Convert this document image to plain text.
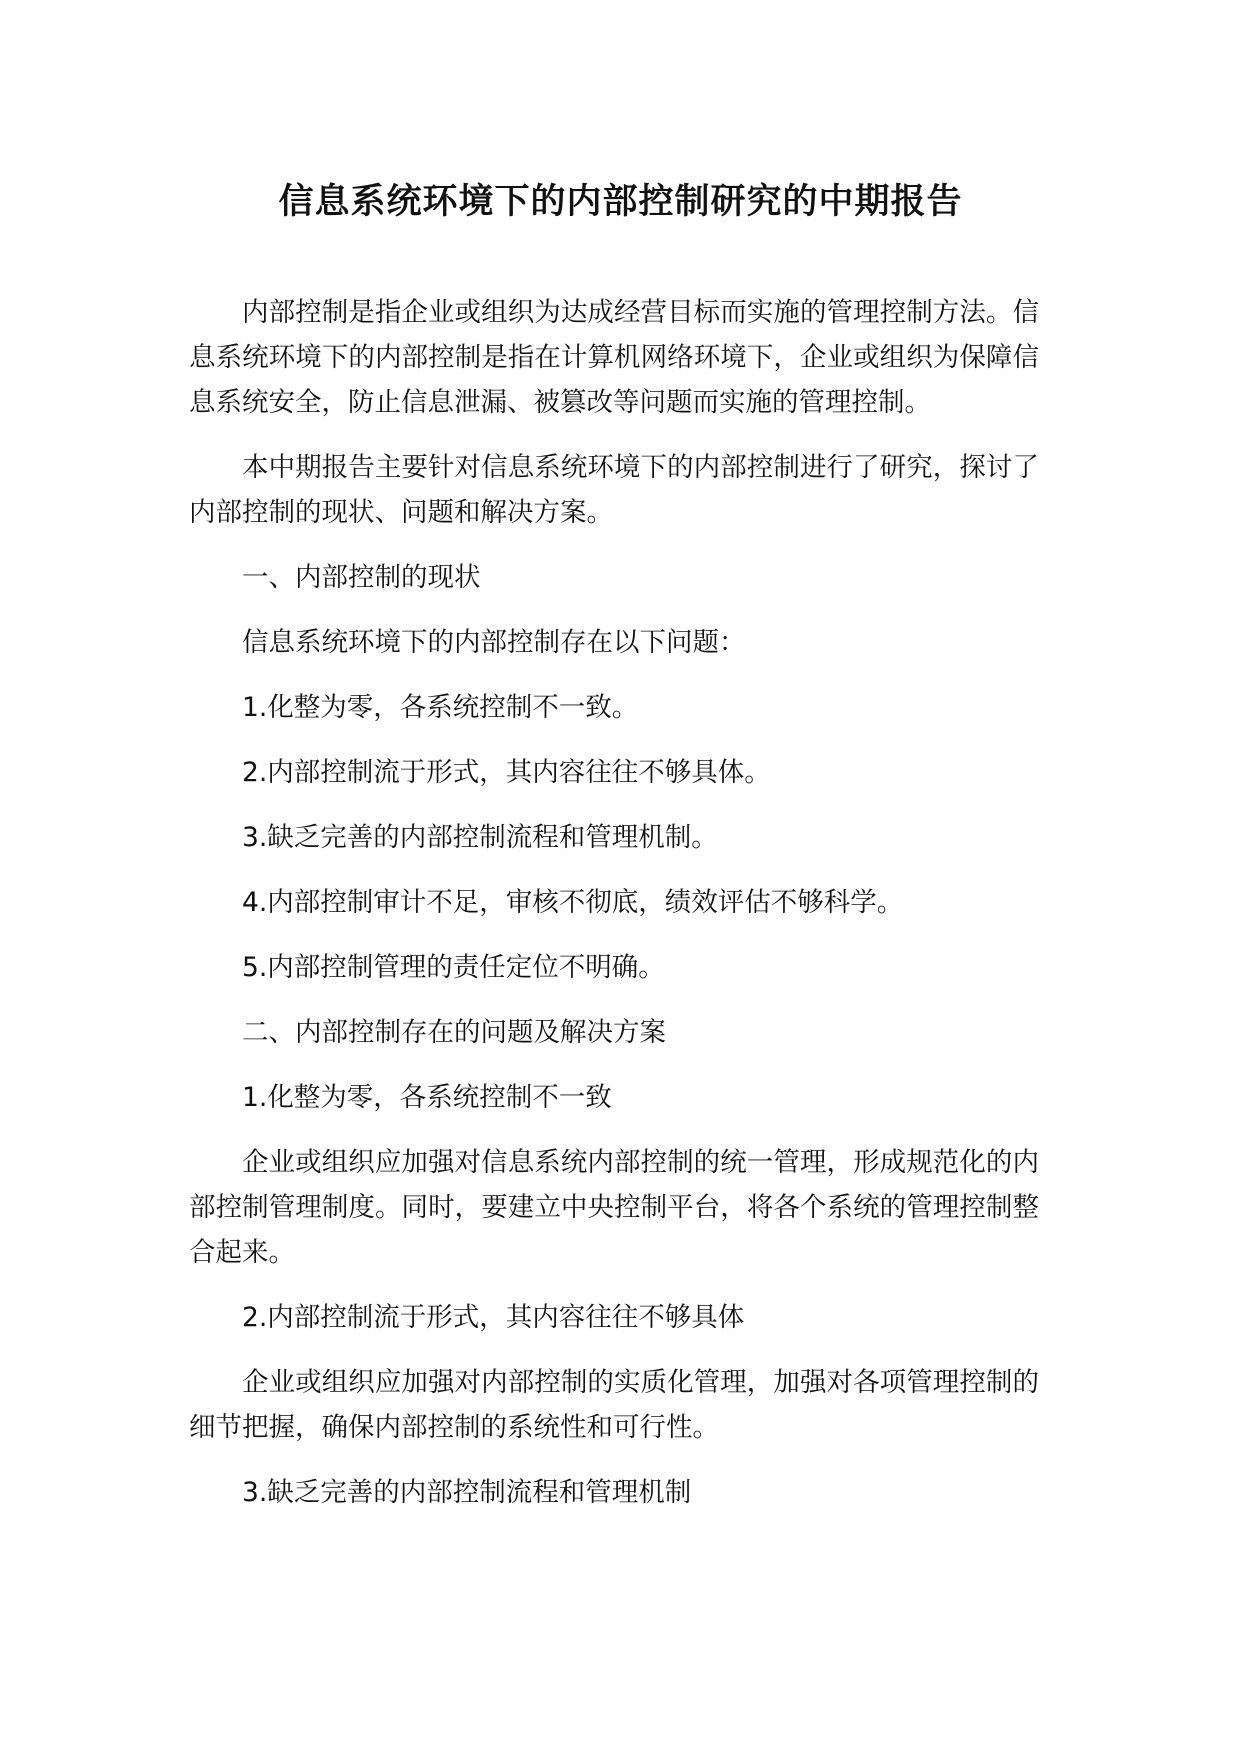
信息系统环境下的内部控制研究的中期报告

内部控制是指企业或组织为达成经营目标而实施的管理控制方法。信息系统环境下的内部控制是指在计算机网络环境下，企业或组织为保障信息系统安全，防止信息泄漏、被篡改等问题而实施的管理控制。

本中期报告主要针对信息系统环境下的内部控制进行了研究，探讨了内部控制的现状、问题和解决方案。

一、内部控制的现状

信息系统环境下的内部控制存在以下问题：

1.化整为零，各系统控制不一致。

2.内部控制流于形式，其内容往往不够具体。

3.缺乏完善的内部控制流程和管理机制。

4.内部控制审计不足，审核不彻底，绩效评估不够科学。

5.内部控制管理的责任定位不明确。

二、内部控制存在的问题及解决方案

1.化整为零，各系统控制不一致

企业或组织应加强对信息系统内部控制的统一管理，形成规范化的内部控制管理制度。同时，要建立中央控制平台，将各个系统的管理控制整合起来。

2.内部控制流于形式，其内容往往不够具体

企业或组织应加强对内部控制的实质化管理，加强对各项管理控制的细节把握，确保内部控制的系统性和可行性。

3.缺乏完善的内部控制流程和管理机制
